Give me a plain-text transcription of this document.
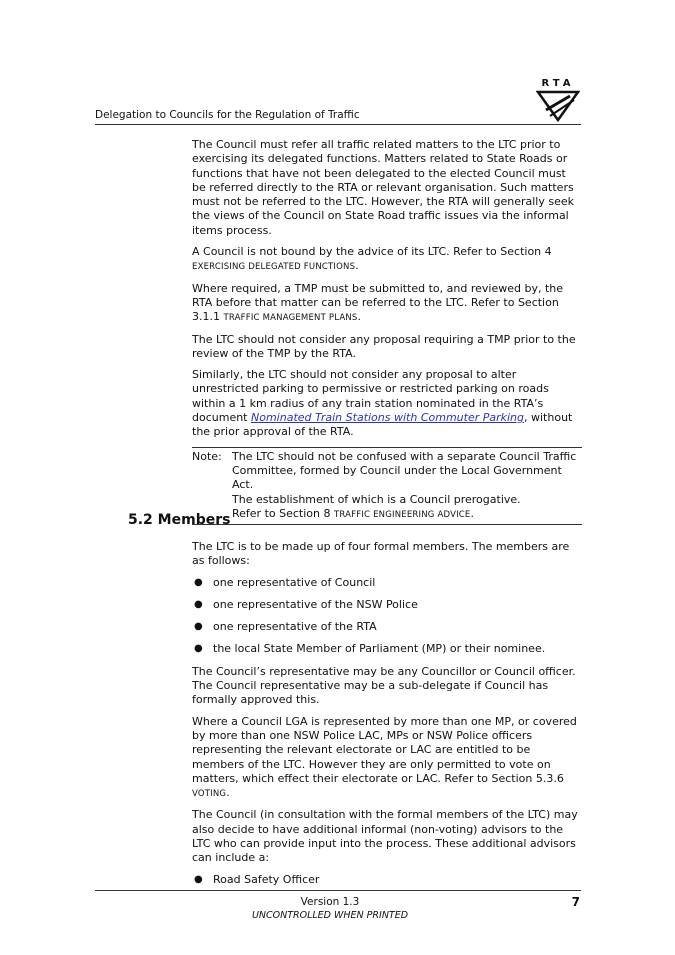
RTA
Delegation to Councils for the Regulation of Traffic

The Council must refer all traffic related matters to the LTC prior to exercising its delegated functions. Matters related to State Roads or functions that have not been delegated to the elected Council must be referred directly to the RTA or relevant organisation. Such matters must not be referred to the LTC. However, the RTA will generally seek the views of the Council on State Road traffic issues via the informal items process.

A Council is not bound by the advice of its LTC. Refer to Section 4 EXERCISING DELEGATED FUNCTIONS.

Where required, a TMP must be submitted to, and reviewed by, the RTA before that matter can be referred to the LTC. Refer to Section 3.1.1 TRAFFIC MANAGEMENT PLANS.

The LTC should not consider any proposal requiring a TMP prior to the review of the TMP by the RTA.

Similarly, the LTC should not consider any proposal to alter unrestricted parking to permissive or restricted parking on roads within a 1 km radius of any train station nominated in the RTA’s document Nominated Train Stations with Commuter Parking, without the prior approval of the RTA.

Note: The LTC should not be confused with a separate Council Traffic Committee, formed by Council under the Local Government Act.
The establishment of which is a Council prerogative.
Refer to Section 8 TRAFFIC ENGINEERING ADVICE.
5.2 Members

The LTC is to be made up of four formal members. The members are as follows:

● one representative of Council
● one representative of the NSW Police
● one representative of the RTA
● the local State Member of Parliament (MP) or their nominee.

The Council’s representative may be any Councillor or Council officer. The Council representative may be a sub-delegate if Council has formally approved this.

Where a Council LGA is represented by more than one MP, or covered by more than one NSW Police LAC, MPs or NSW Police officers representing the relevant electorate or LAC are entitled to be members of the LTC. However they are only permitted to vote on matters, which effect their electorate or LAC. Refer to Section 5.3.6 VOTING.

The Council (in consultation with the formal members of the LTC) may also decide to have additional informal (non-voting) advisors to the LTC who can provide input into the process. These additional advisors can include a:

● Road Safety Officer
Version 1.3
UNCONTROLLED WHEN PRINTED
7
